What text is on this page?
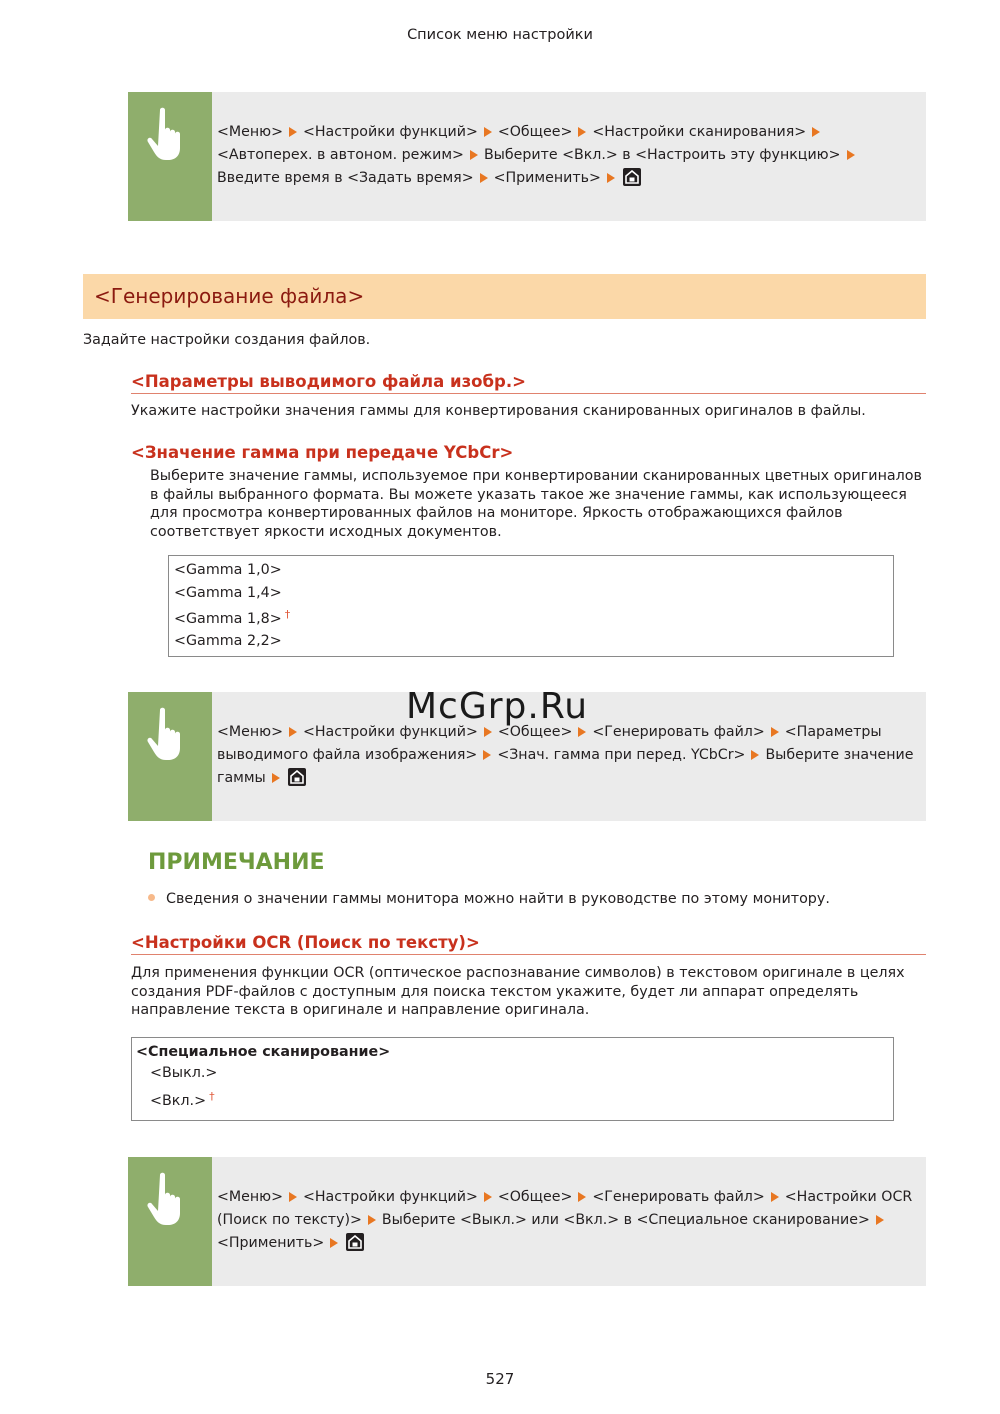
Список меню настройки
<Меню> <Настройки функций> <Общее> <Настройки сканирования><Автопереx. в автоном. режим> Выберите <Вкл.> в <Настроить эту функцию>Введите время в <Задать время> <Применить>
<Генерирование файла>
Задайте настройки создания файлов.
<Параметры выводимого файла изобр.>
Укажите настройки значения гаммы для конвертирования сканированных оригиналов в файлы.
<Значение гамма при передаче YCbCr>
Выберите значение гаммы, используемое при конвертировании сканированных цветных оригиналов в файлы выбранного формата. Вы можете указать такое же значение гаммы, как использующееся для просмотра конвертированных файлов на мониторе. Яркость отображающихся файлов соответствует яркости исходных документов.
<Gamma 1,0>
<Gamma 1,4>
<Gamma 1,8> †
<Gamma 2,2>
<Меню> <Настройки функций> <Общее> <Генерировать файл> <Параметры выводимого файла изображения> <Знач. гамма при перед. YCbCr> Выберите значение гаммы
McGrp.Ru
ПРИМЕЧАНИЕ
Сведения о значении гаммы монитора можно найти в руководстве по этому монитору.
<Настройки OCR (Поиск по тексту)>
Для применения функции OCR (оптическое распознавание символов) в текстовом оригинале в целях создания PDF-файлов с доступным для поиска текстом укажите, будет ли аппарат определять направление текста в оригинале и направление оригинала.
<Специальное сканирование>
<Выкл.>
<Вкл.> †
<Меню> <Настройки функций> <Общее> <Генерировать файл> <Настройки OCR (Поиск по тексту)> Выберите <Выкл.> или <Вкл.> в <Специальное сканирование><Применить>
527
